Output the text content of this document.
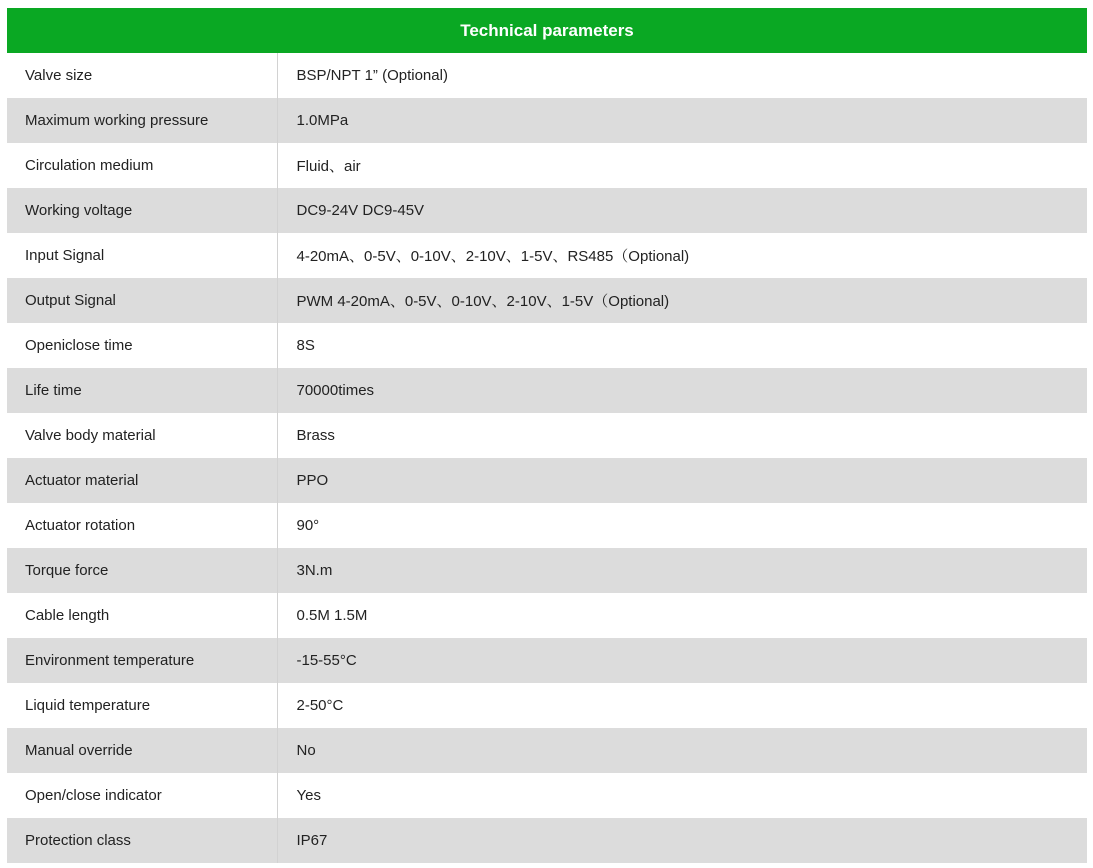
Technical parameters
Valve size	BSP/NPT 1” (Optional)
Maximum working pressure	1.0MPa
Circulation medium	Fluid、air
Working voltage	DC9-24V DC9-45V
Input Signal	4-20mA、0-5V、0-10V、2-10V、1-5V、RS485（Optional)
Output Signal	PWM 4-20mA、0-5V、0-10V、2-10V、1-5V（Optional)
Openiclose time	8S
Life time	70000times
Valve body material	Brass
Actuator material	PPO
Actuator rotation	90°
Torque force	3N.m
Cable length	0.5M 1.5M
Environment temperature	-15-55°C
Liquid temperature	2-50°C
Manual override	No
Open/close indicator	Yes
Protection class	IP67
